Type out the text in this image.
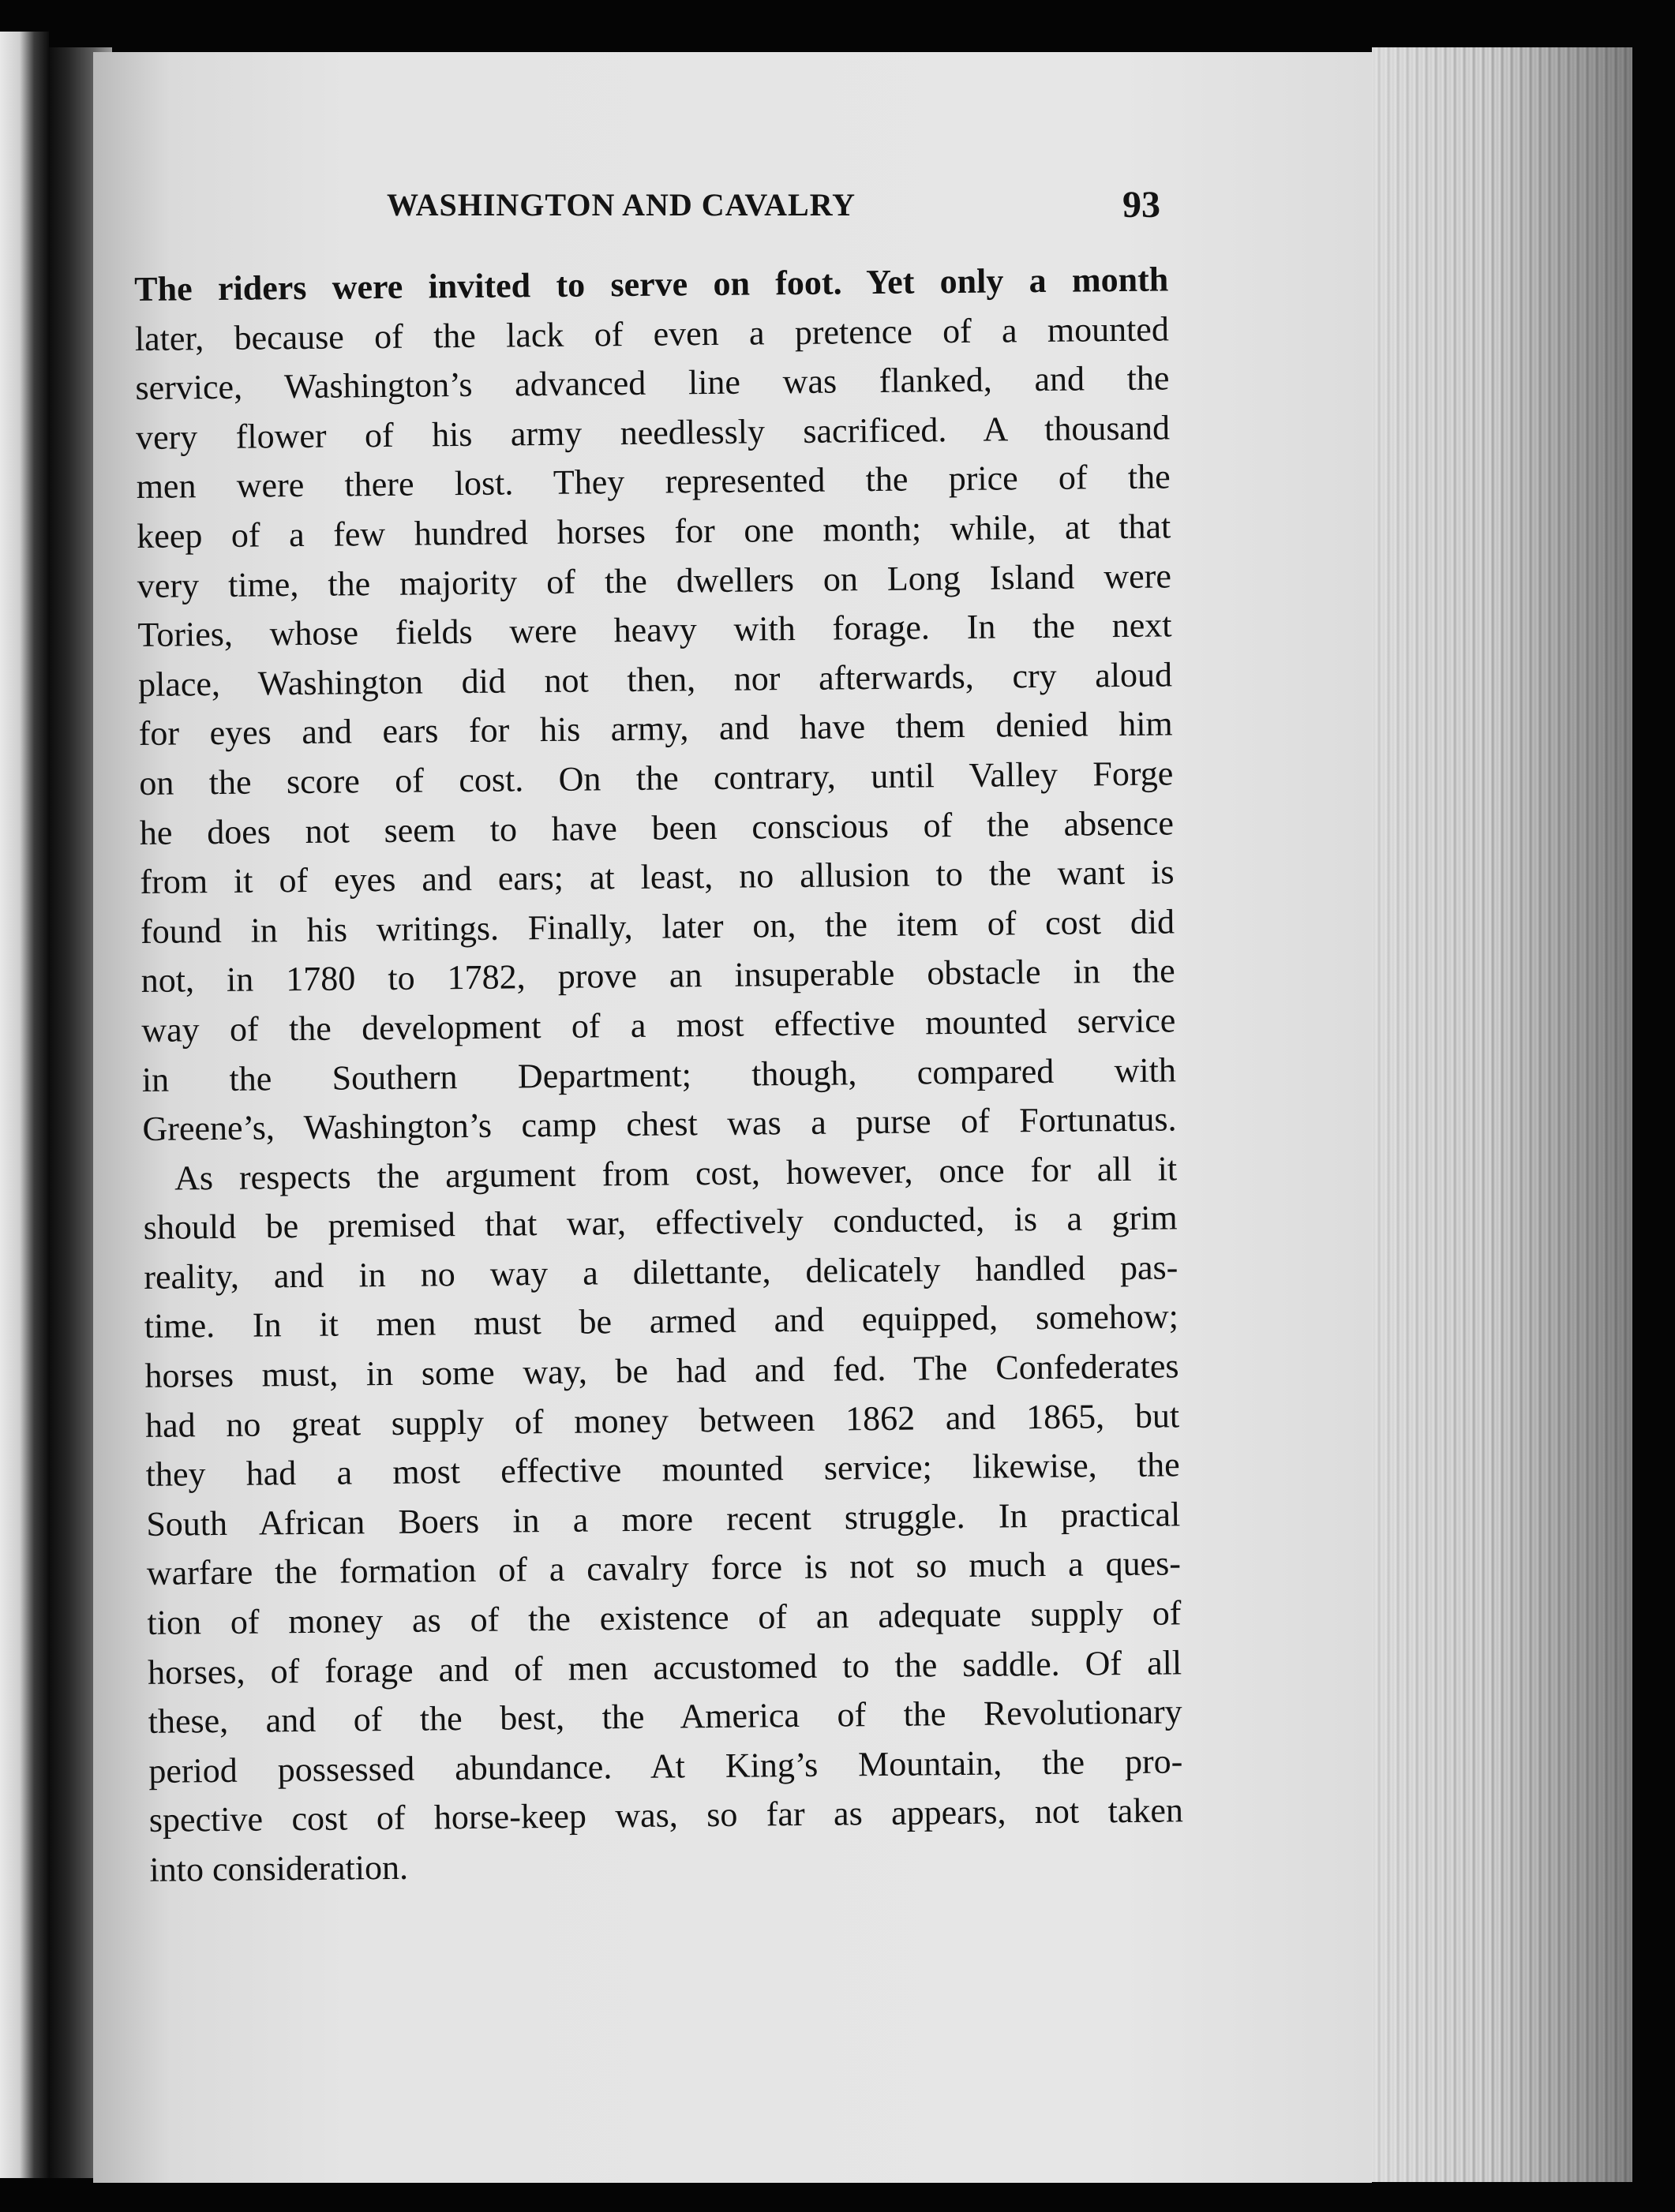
WASHINGTON AND CAVALRY	93
The riders were invited to serve on foot. Yet only a month
later, because of the lack of even a pretence of a mounted
service, Washington’s advanced line was flanked, and the
very flower of his army needlessly sacrificed. A thousand
men were there lost. They represented the price of the
keep of a few hundred horses for one month; while, at that
very time, the majority of the dwellers on Long Island were
Tories, whose fields were heavy with forage. In the next
place, Washington did not then, nor afterwards, cry aloud
for eyes and ears for his army, and have them denied him
on the score of cost. On the contrary, until Valley Forge
he does not seem to have been conscious of the absence
from it of eyes and ears; at least, no allusion to the want is
found in his writings. Finally, later on, the item of cost did
not, in 1780 to 1782, prove an insuperable obstacle in the
way of the development of a most effective mounted service
in the Southern Department; though, compared with
Greene’s, Washington’s camp chest was a purse of Fortunatus.
As respects the argument from cost, however, once for all it
should be premised that war, effectively conducted, is a grim
reality, and in no way a dilettante, delicately handled pas-
time. In it men must be armed and equipped, somehow;
horses must, in some way, be had and fed. The Confederates
had no great supply of money between 1862 and 1865, but
they had a most effective mounted service; likewise, the
South African Boers in a more recent struggle. In practical
warfare the formation of a cavalry force is not so much a ques-
tion of money as of the existence of an adequate supply of
horses, of forage and of men accustomed to the saddle. Of all
these, and of the best, the America of the Revolutionary
period possessed abundance. At King’s Mountain, the pro-
spective cost of horse-keep was, so far as appears, not taken
into consideration.
